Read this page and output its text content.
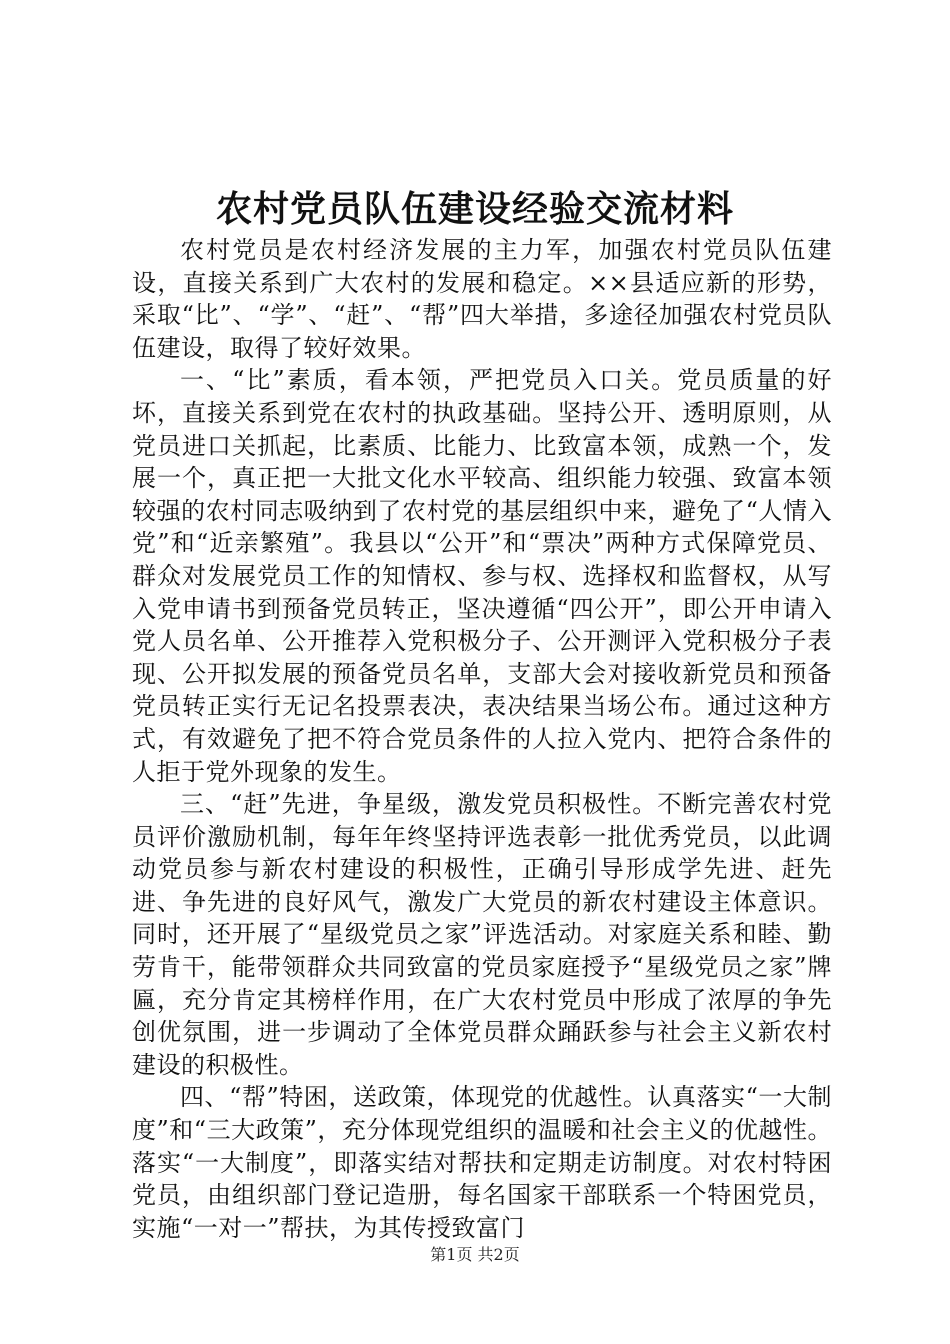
农村党员队伍建设经验交流材料

农村党员是农村经济发展的主力军，加强农村党员队伍建设，直接关系到广大农村的发展和稳定。××县适应新的形势，采取“比”、“学”、“赶”、“帮”四大举措，多途径加强农村党员队伍建设，取得了较好效果。

一、“比”素质，看本领，严把党员入口关。党员质量的好坏，直接关系到党在农村的执政基础。坚持公开、透明原则，从党员进口关抓起，比素质、比能力、比致富本领，成熟一个，发展一个，真正把一大批文化水平较高、组织能力较强、致富本领较强的农村同志吸纳到了农村党的基层组织中来，避免了“人情入党”和“近亲繁殖”。我县以“公开”和“票决”两种方式保障党员、群众对发展党员工作的知情权、参与权、选择权和监督权，从写入党申请书到预备党员转正，坚决遵循“四公开”，即公开申请入党人员名单、公开推荐入党积极分子、公开测评入党积极分子表现、公开拟发展的预备党员名单，支部大会对接收新党员和预备党员转正实行无记名投票表决，表决结果当场公布。通过这种方式，有效避免了把不符合党员条件的人拉入党内、把符合条件的人拒于党外现象的发生。

三、“赶”先进，争星级，激发党员积极性。不断完善农村党员评价激励机制，每年年终坚持评选表彰一批优秀党员，以此调动党员参与新农村建设的积极性，正确引导形成学先进、赶先进、争先进的良好风气，激发广大党员的新农村建设主体意识。同时，还开展了“星级党员之家”评选活动。对家庭关系和睦、勤劳肯干，能带领群众共同致富的党员家庭授予“星级党员之家”牌匾，充分肯定其榜样作用，在广大农村党员中形成了浓厚的争先创优氛围，进一步调动了全体党员群众踊跃参与社会主义新农村建设的积极性。

四、“帮”特困，送政策，体现党的优越性。认真落实“一大制度”和“三大政策”，充分体现党组织的温暖和社会主义的优越性。落实“一大制度”，即落实结对帮扶和定期走访制度。对农村特困党员，由组织部门登记造册，每名国家干部联系一个特困党员，实施“一对一”帮扶，为其传授致富门

第1页 共2页
